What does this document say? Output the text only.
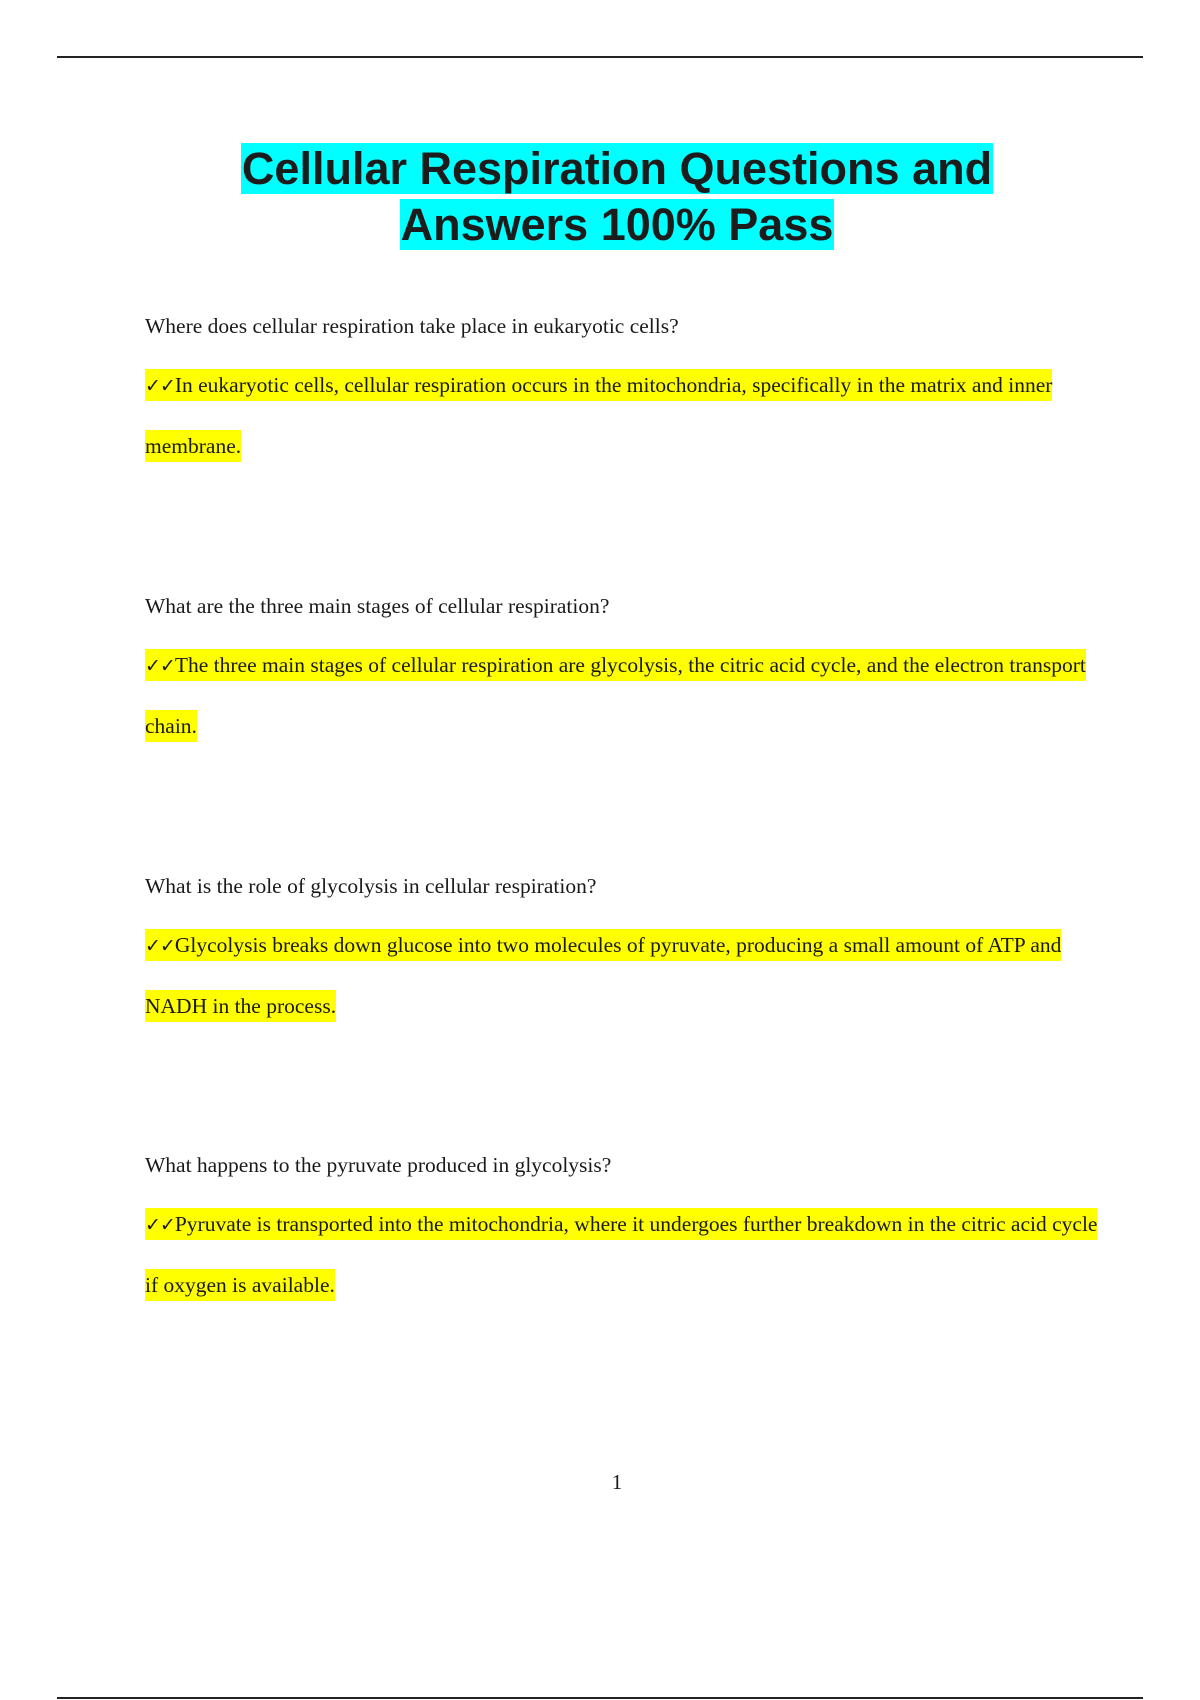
Cellular Respiration Questions and
Answers 100% Pass

Where does cellular respiration take place in eukaryotic cells?

✓✓In eukaryotic cells, cellular respiration occurs in the mitochondria, specifically in the matrix and inner membrane.

What are the three main stages of cellular respiration?

✓✓The three main stages of cellular respiration are glycolysis, the citric acid cycle, and the electron transport chain.

What is the role of glycolysis in cellular respiration?

✓✓Glycolysis breaks down glucose into two molecules of pyruvate, producing a small amount of ATP and NADH in the process.

What happens to the pyruvate produced in glycolysis?

✓✓Pyruvate is transported into the mitochondria, where it undergoes further breakdown in the citric acid cycle if oxygen is available.

1
